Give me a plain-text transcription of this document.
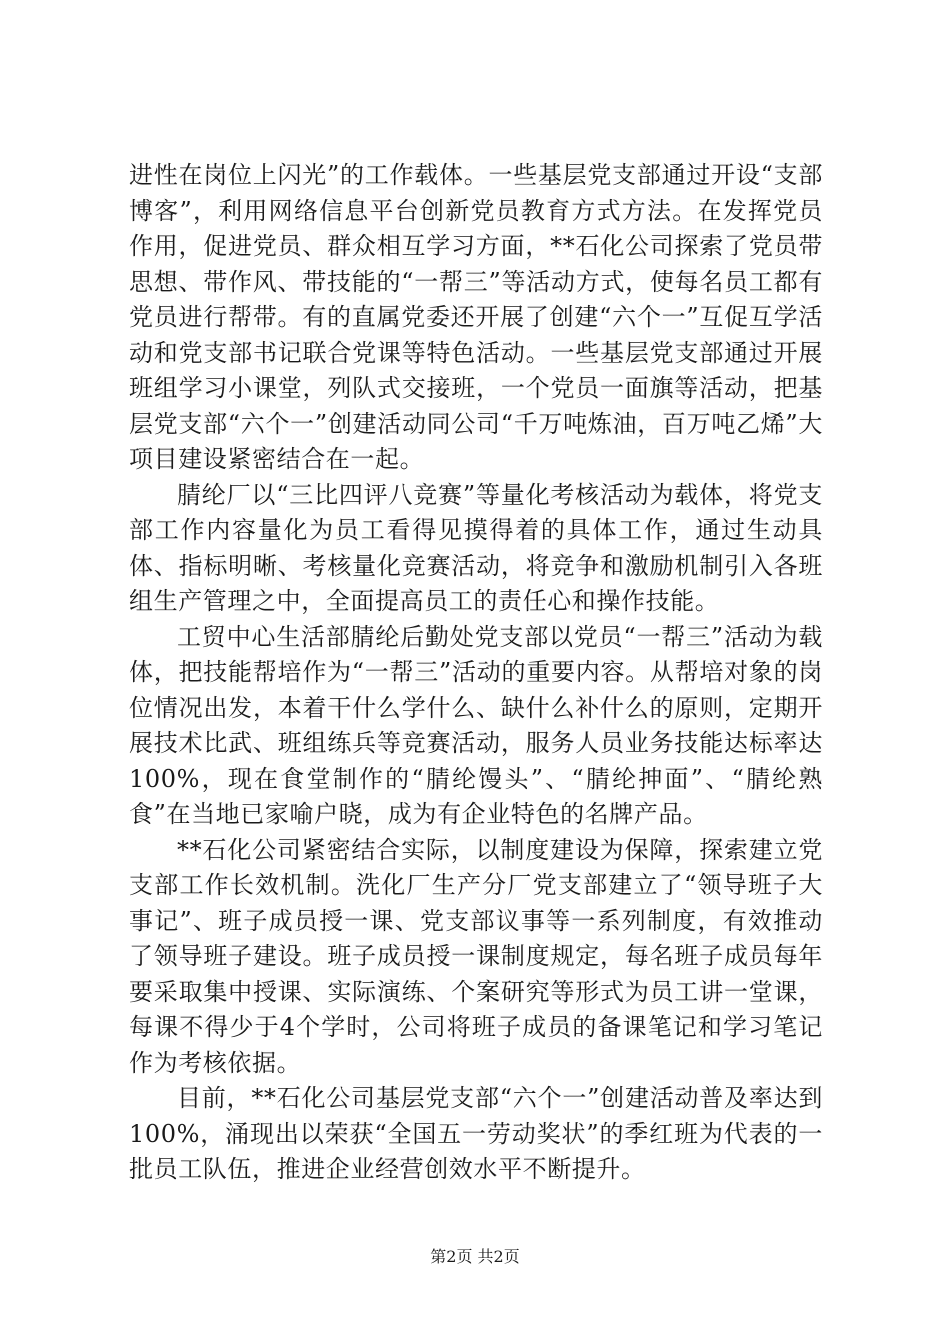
进性在岗位上闪光”的工作载体。一些基层党支部通过开设“支部博客”，利用网络信息平台创新党员教育方式方法。在发挥党员作用，促进党员、群众相互学习方面，**石化公司探索了党员带思想、带作风、带技能的“一帮三”等活动方式，使每名员工都有党员进行帮带。有的直属党委还开展了创建“六个一”互促互学活动和党支部书记联合党课等特色活动。一些基层党支部通过开展班组学习小课堂，列队式交接班，一个党员一面旗等活动，把基层党支部“六个一”创建活动同公司“千万吨炼油，百万吨乙烯”大项目建设紧密结合在一起。

腈纶厂以“三比四评八竞赛”等量化考核活动为载体，将党支部工作内容量化为员工看得见摸得着的具体工作，通过生动具体、指标明晰、考核量化竞赛活动，将竞争和激励机制引入各班组生产管理之中，全面提高员工的责任心和操作技能。

工贸中心生活部腈纶后勤处党支部以党员“一帮三”活动为载体，把技能帮培作为“一帮三”活动的重要内容。从帮培对象的岗位情况出发，本着干什么学什么、缺什么补什么的原则，定期开展技术比武、班组练兵等竞赛活动，服务人员业务技能达标率达100%，现在食堂制作的“腈纶馒头”、“腈纶抻面”、“腈纶熟食”在当地已家喻户晓，成为有企业特色的名牌产品。

**石化公司紧密结合实际，以制度建设为保障，探索建立党支部工作长效机制。洗化厂生产分厂党支部建立了“领导班子大事记”、班子成员授一课、党支部议事等一系列制度，有效推动了领导班子建设。班子成员授一课制度规定，每名班子成员每年要采取集中授课、实际演练、个案研究等形式为员工讲一堂课，每课不得少于4个学时，公司将班子成员的备课笔记和学习笔记作为考核依据。

目前，**石化公司基层党支部“六个一”创建活动普及率达到100%，涌现出以荣获“全国五一劳动奖状”的季红班为代表的一批员工队伍，推进企业经营创效水平不断提升。

第2页 共2页
